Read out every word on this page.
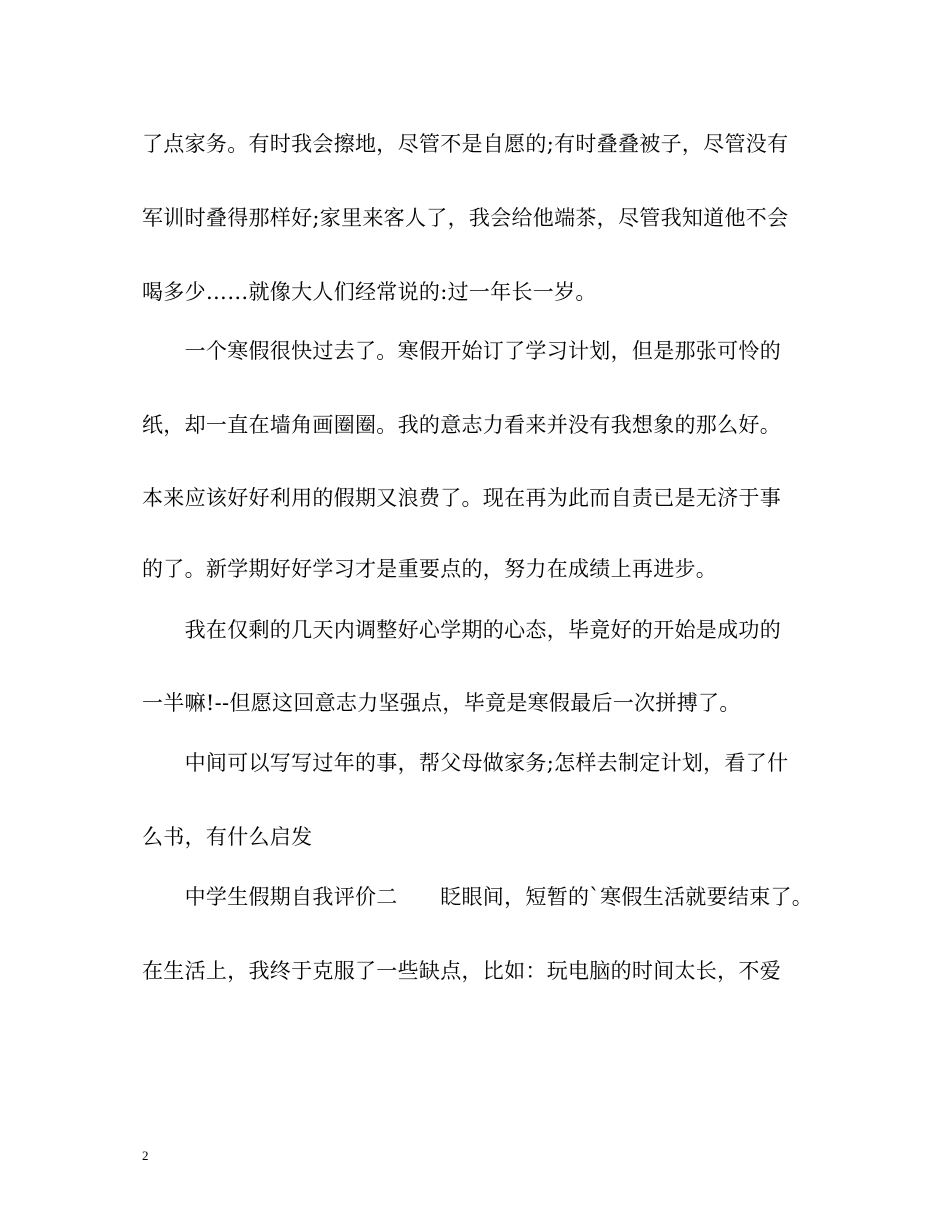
了点家务。有时我会擦地，尽管不是自愿的;有时叠叠被子，尽管没有
军训时叠得那样好;家里来客人了，我会给他端茶，尽管我知道他不会
喝多少……就像大人们经常说的:过一年长一岁。
　　一个寒假很快过去了。寒假开始订了学习计划，但是那张可怜的
纸，却一直在墙角画圈圈。我的意志力看来并没有我想象的那么好。
本来应该好好利用的假期又浪费了。现在再为此而自责已是无济于事
的了。新学期好好学习才是重要点的，努力在成绩上再进步。
　　我在仅剩的几天内调整好心学期的心态，毕竟好的开始是成功的
一半嘛!--但愿这回意志力坚强点，毕竟是寒假最后一次拼搏了。
　　中间可以写写过年的事，帮父母做家务;怎样去制定计划，看了什
么书，有什么启发
　　中学生假期自我评价二　　眨眼间，短暂的`寒假生活就要结束了。
在生活上，我终于克服了一些缺点，比如：玩电脑的时间太长，不爱
2
